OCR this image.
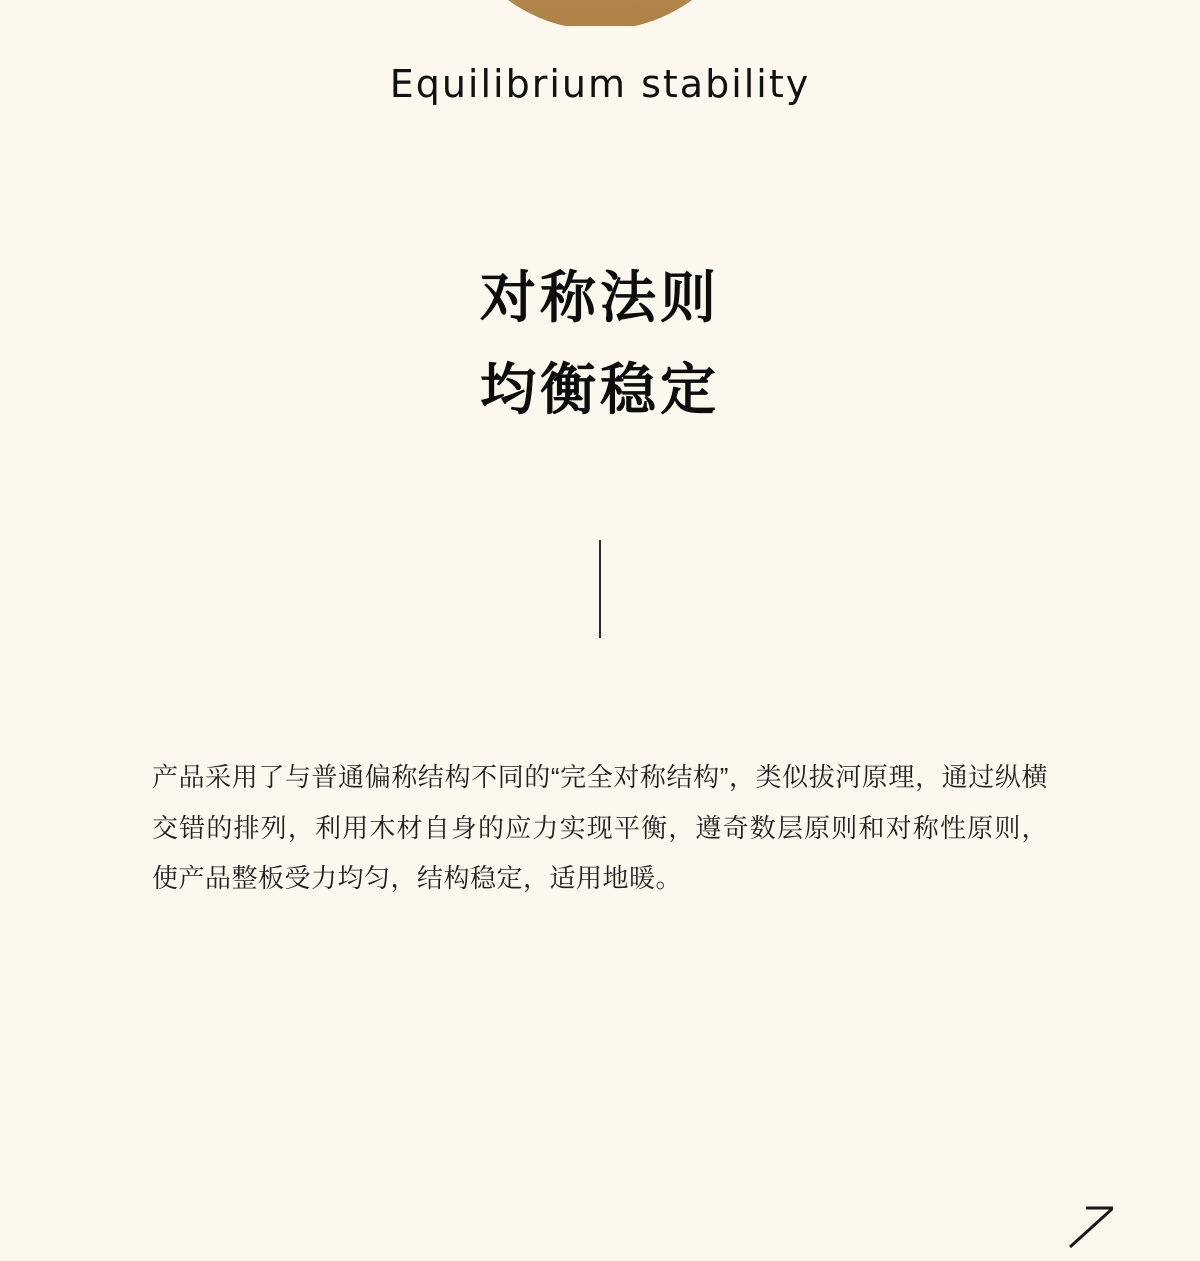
Equilibrium stability
对称法则
均衡稳定

产品采用了与普通偏称结构不同的“完全对称结构”，类似拔河原理，通过纵横交错的排列，利用木材自身的应力实现平衡，遵奇数层原则和对称性原则，使产品整板受力均匀，结构稳定，适用地暖。
